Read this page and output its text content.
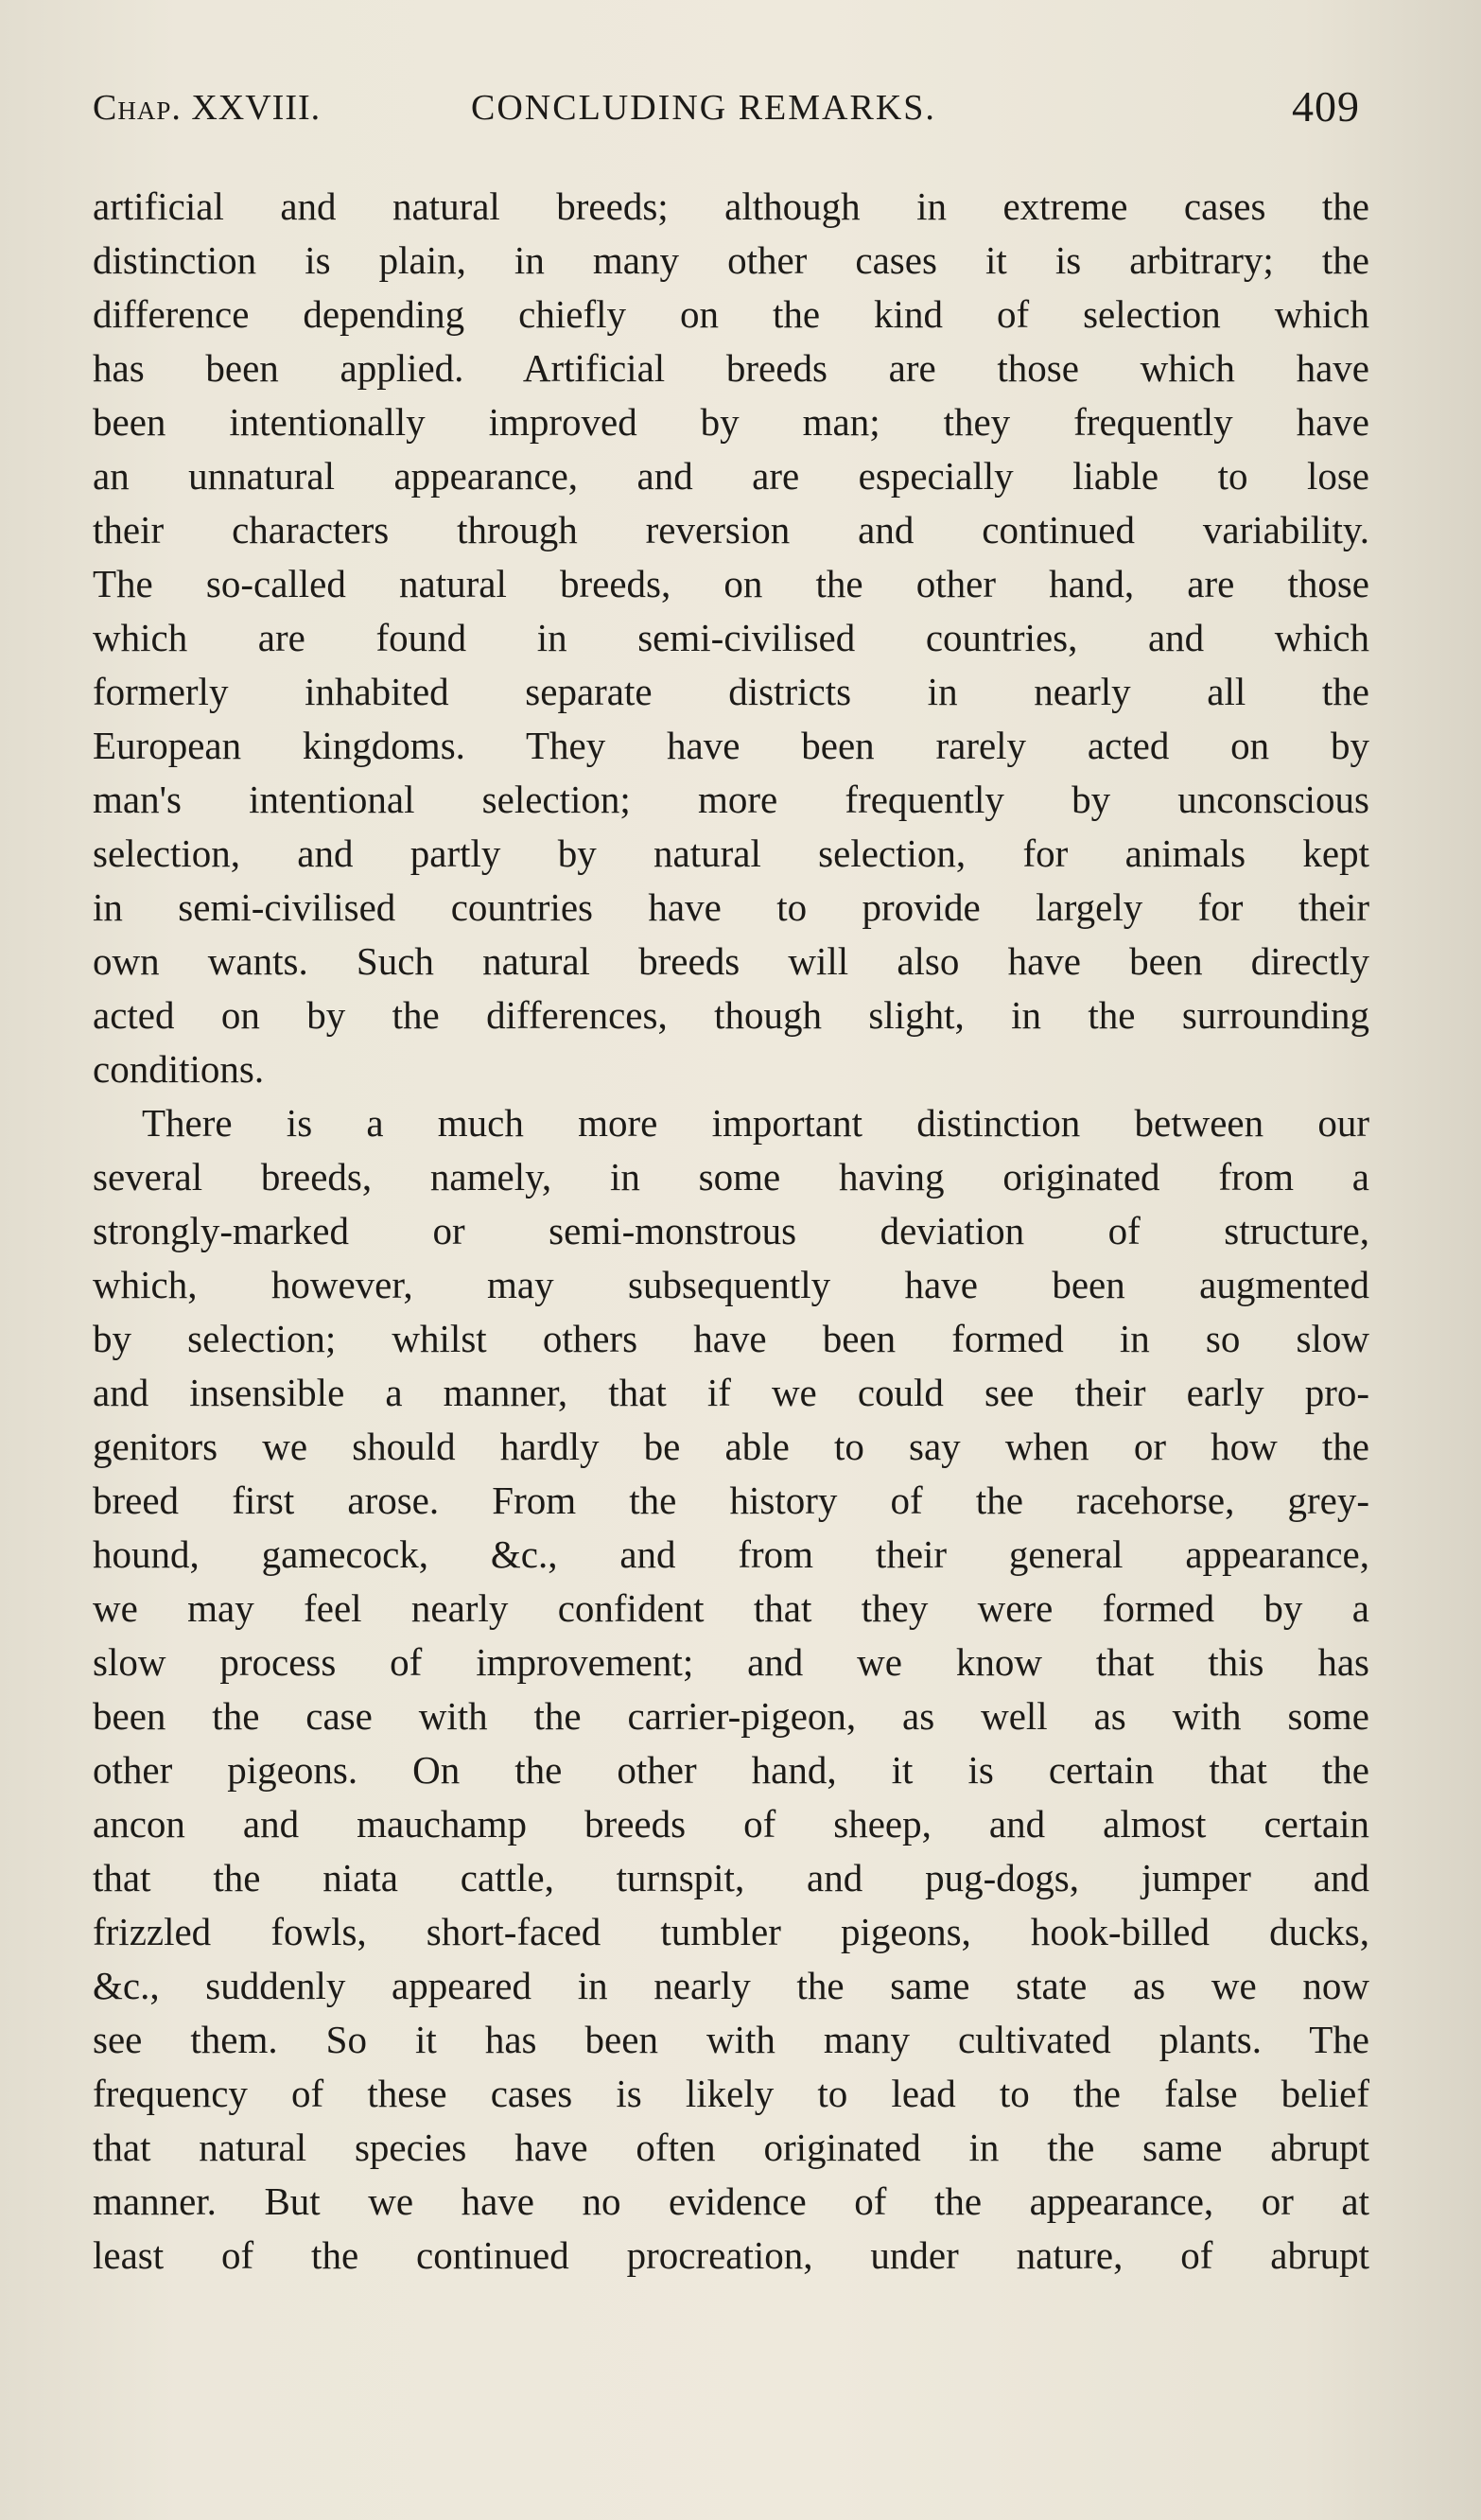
Chap. XXVIII.	CONCLUDING REMARKS.	409
artificial and natural breeds; although in extreme cases the
distinction is plain, in many other cases it is arbitrary; the
difference depending chiefly on the kind of selection which
has been applied. Artificial breeds are those which have
been intentionally improved by man; they frequently have
an unnatural appearance, and are especially liable to lose
their characters through reversion and continued variability.
The so-called natural breeds, on the other hand, are those
which are found in semi-civilised countries, and which
formerly inhabited separate districts in nearly all the
European kingdoms. They have been rarely acted on by
man's intentional selection; more frequently by unconscious
selection, and partly by natural selection, for animals kept
in semi-civilised countries have to provide largely for their
own wants. Such natural breeds will also have been directly
acted on by the differences, though slight, in the surrounding
conditions.
There is a much more important distinction between our
several breeds, namely, in some having originated from a
strongly-marked or semi-monstrous deviation of structure,
which, however, may subsequently have been augmented
by selection; whilst others have been formed in so slow
and insensible a manner, that if we could see their early pro-
genitors we should hardly be able to say when or how the
breed first arose. From the history of the racehorse, grey-
hound, gamecock, &c., and from their general appearance,
we may feel nearly confident that they were formed by a
slow process of improvement; and we know that this has
been the case with the carrier-pigeon, as well as with some
other pigeons. On the other hand, it is certain that the
ancon and mauchamp breeds of sheep, and almost certain
that the niata cattle, turnspit, and pug-dogs, jumper and
frizzled fowls, short-faced tumbler pigeons, hook-billed ducks,
&c., suddenly appeared in nearly the same state as we now
see them. So it has been with many cultivated plants. The
frequency of these cases is likely to lead to the false belief
that natural species have often originated in the same abrupt
manner. But we have no evidence of the appearance, or at
least of the continued procreation, under nature, of abrupt
